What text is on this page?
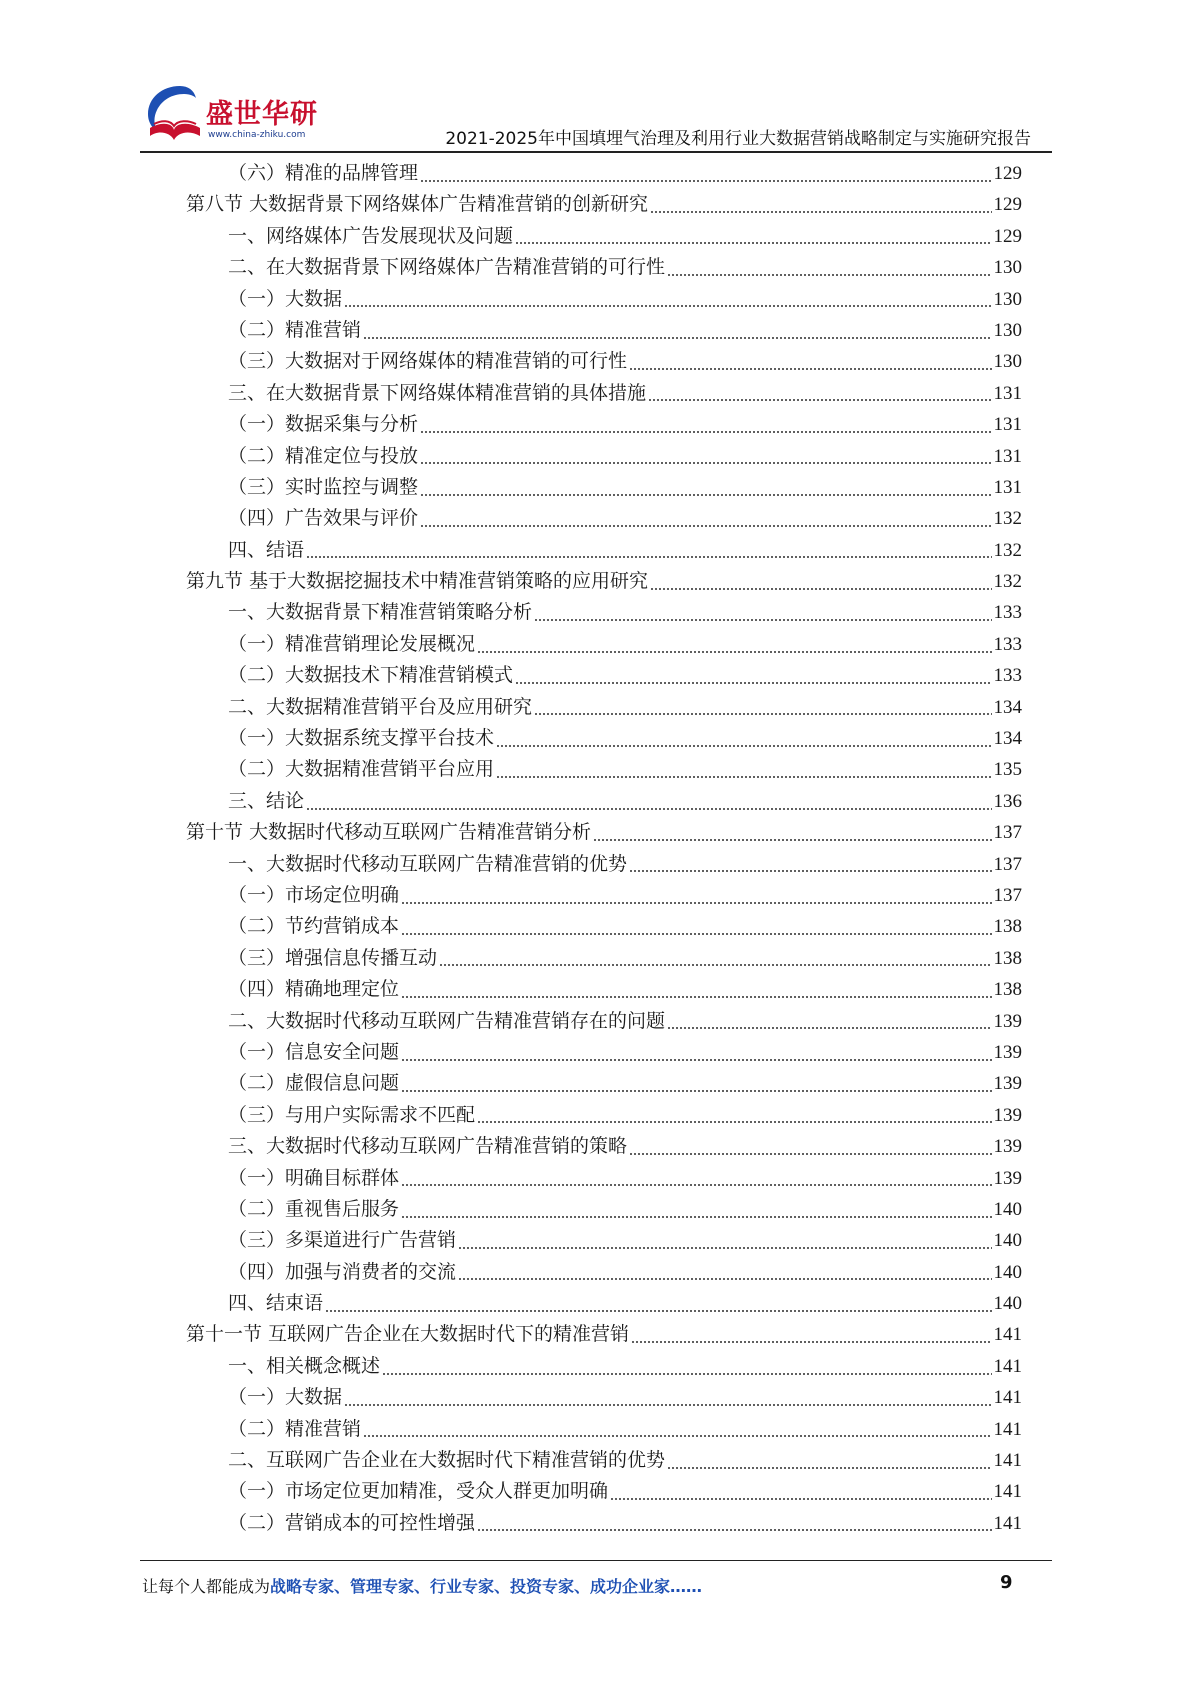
盛世华研
www.china-zhiku.com	2021-2025年中国填埋气治理及利用行业大数据营销战略制定与实施研究报告
（六）精准的品牌管理	129
第八节 大数据背景下网络媒体广告精准营销的创新研究	129
一、网络媒体广告发展现状及问题	129
二、在大数据背景下网络媒体广告精准营销的可行性	130
（一）大数据	130
（二）精准营销	130
（三）大数据对于网络媒体的精准营销的可行性	130
三、在大数据背景下网络媒体精准营销的具体措施	131
（一）数据采集与分析	131
（二）精准定位与投放	131
（三）实时监控与调整	131
（四）广告效果与评价	132
四、结语	132
第九节 基于大数据挖掘技术中精准营销策略的应用研究	132
一、大数据背景下精准营销策略分析	133
（一）精准营销理论发展概况	133
（二）大数据技术下精准营销模式	133
二、大数据精准营销平台及应用研究	134
（一）大数据系统支撑平台技术	134
（二）大数据精准营销平台应用	135
三、结论	136
第十节 大数据时代移动互联网广告精准营销分析	137
一、大数据时代移动互联网广告精准营销的优势	137
（一）市场定位明确	137
（二）节约营销成本	138
（三）增强信息传播互动	138
（四）精确地理定位	138
二、大数据时代移动互联网广告精准营销存在的问题	139
（一）信息安全问题	139
（二）虚假信息问题	139
（三）与用户实际需求不匹配	139
三、大数据时代移动互联网广告精准营销的策略	139
（一）明确目标群体	139
（二）重视售后服务	140
（三）多渠道进行广告营销	140
（四）加强与消费者的交流	140
四、结束语	140
第十一节 互联网广告企业在大数据时代下的精准营销	141
一、相关概念概述	141
（一）大数据	141
（二）精准营销	141
二、互联网广告企业在大数据时代下精准营销的优势	141
（一）市场定位更加精准，受众人群更加明确	141
（二）营销成本的可控性增强	141
让每个人都能成为战略专家、管理专家、行业专家、投资专家、成功企业家……	9
